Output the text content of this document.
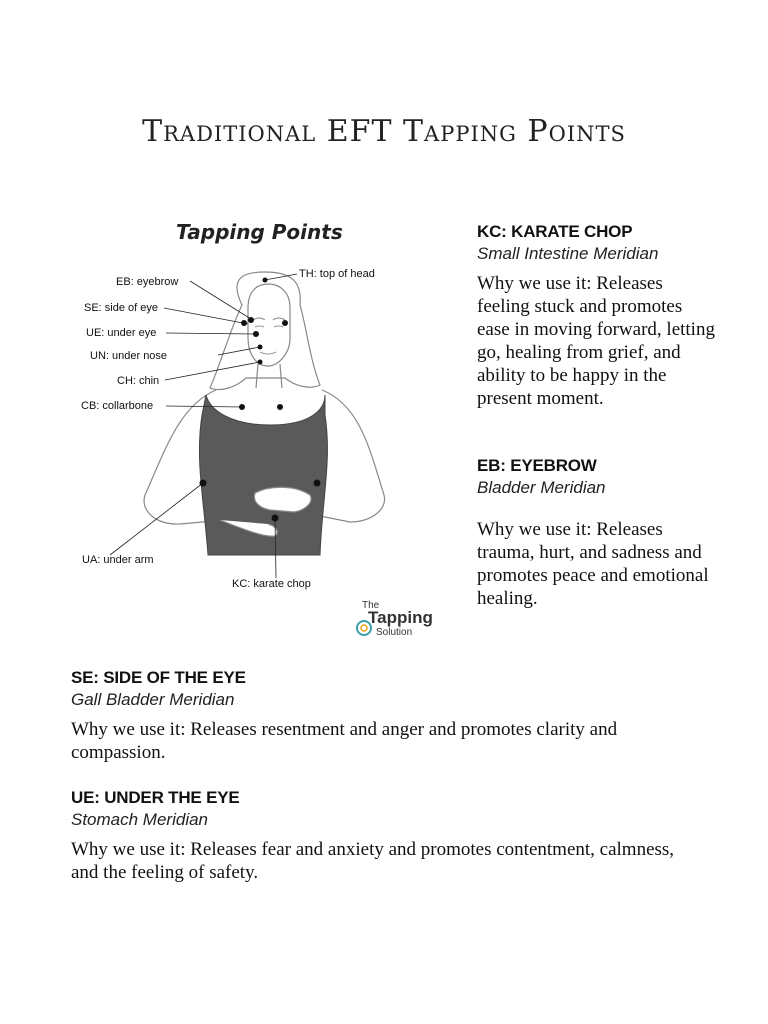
Traditional EFT Tapping Points
Tapping Points
TH: top of head
EB: eyebrow
SE: side of eye
UE: under eye
UN: under nose
CH: chin
CB: collarbone
UA: under arm
KC: karate chop
The
Tapping
Solution

KC: KARATE CHOP

Small Intestine Meridian

Why we use it: Releases feeling stuck and promotes ease in moving forward, letting go, healing from grief, and ability to be happy in the present moment.

EB: EYEBROW

Bladder Meridian

Why we use it: Releases trauma, hurt, and sadness and promotes peace and emotional healing.

SE: SIDE OF THE EYE

Gall Bladder Meridian

Why we use it: Releases resentment and anger and promotes clarity and compassion.

UE: UNDER THE EYE

Stomach Meridian

Why we use it: Releases fear and anxiety and promotes contentment, calmness, and the feeling of safety.
